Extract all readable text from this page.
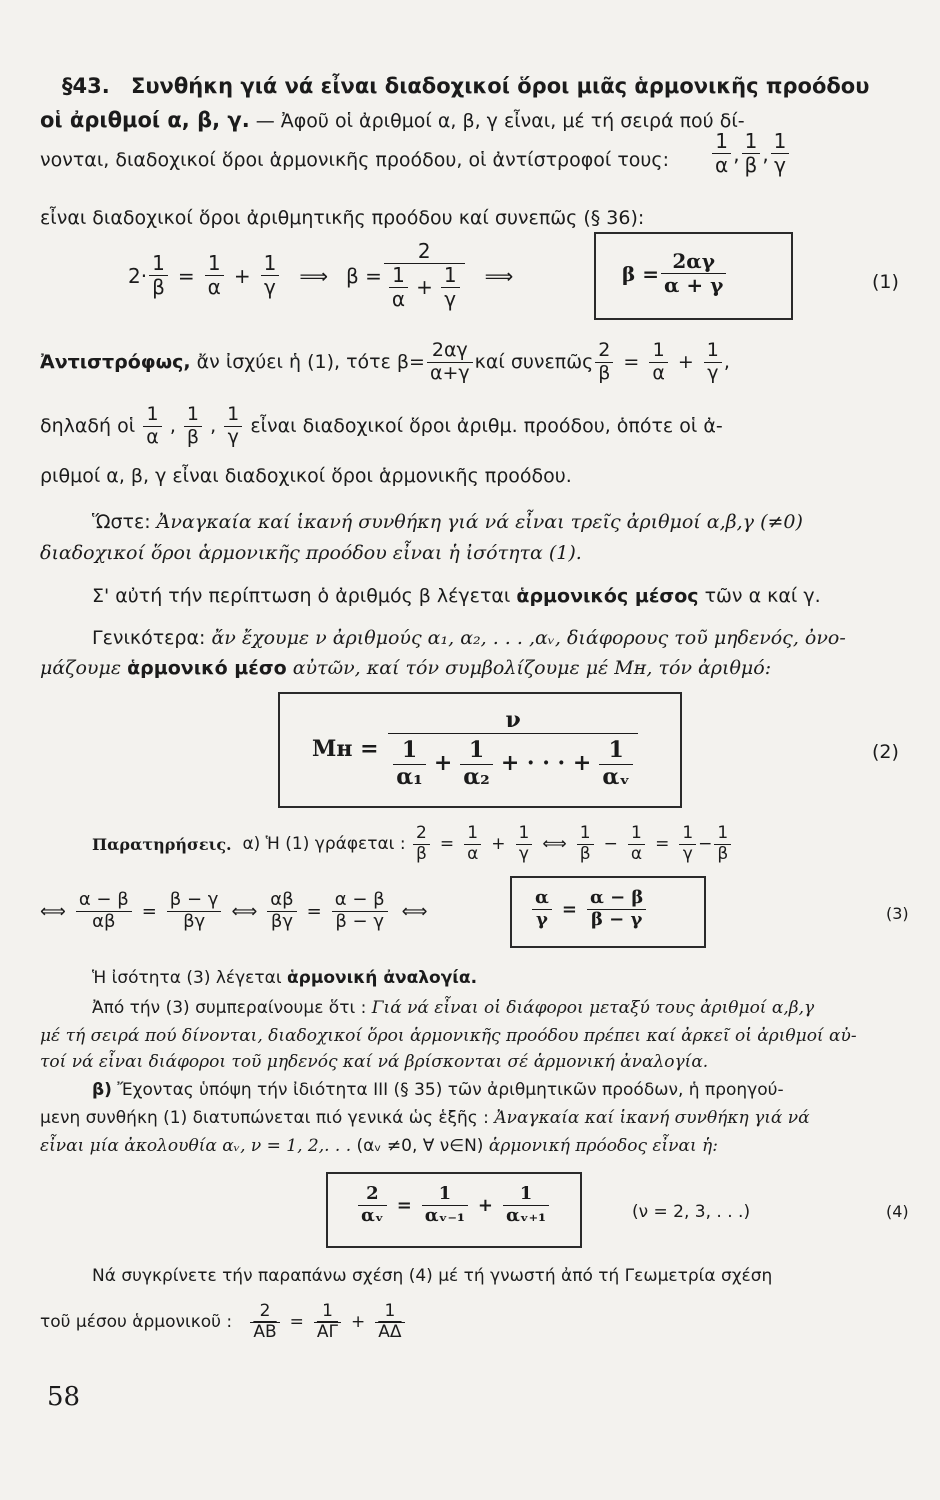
§43. Συνθήκη γιά νά εἶναι διαδοχικοί ὅροι μιᾶς ἁρμονικῆς προόδου
οἱ ἀριθμοί α, β, γ. — Ἀφοῦ οἱ ἀριθμοί α, β, γ εἶναι, μέ τή σειρά πού δί-
νονται, διαδοχικοί ὅροι ἁρμονικῆς προόδου, οἱ ἀντίστροφοί τους: $\frac{1}{\alpha}$ , $\frac{1}{\beta}$ , $\frac{1}{\gamma}$
εἶναι διαδοχικοί ὅροι ἀριθμητικῆς προόδου καί συνεπῶς (§ 36):
$2\cdot \frac{1}{\beta} = \frac{1}{\alpha} + \frac{1}{\gamma}$ ⟹ $\beta = \frac{2}{\frac{1}{\alpha} + \frac{1}{\gamma}}$ ⟹	$\beta = \frac{2\alpha\gamma}{\alpha + \gamma}$	(1)
Ἀντιστρόφως,
ἄν ἰσχύει ἡ (1), τότε $\beta= \frac{2\alpha\gamma}{\alpha+\gamma}$ καί συνεπῶς $\frac{2}{\beta} = \frac{1}{\alpha} + \frac{1}{\gamma}$ ,
δηλαδή οἱ
$\frac{1}{\alpha}$ , $\frac{1}{\beta}$ , $\frac{1}{\gamma}$
εἶναι διαδοχικοί ὅροι ἀριθμ. προόδου, ὁπότε οἱ ἀ-
ριθμοί α, β, γ εἶναι διαδοχικοί ὅροι ἁρμονικῆς προόδου.
Ὥστε: Ἀναγκαία καί ἱκανή συνθήκη γιά νά εἶναι τρεῖς ἀριθμοί α,β,γ (≠0)
διαδοχικοί ὅροι ἁρμονικῆς προόδου εἶναι ἡ ἰσότητα (1).
Σ' αὐτή τήν περίπτωση ὁ ἀριθμός β λέγεται ἁρμονικός μέσος τῶν α καί γ.
Γενικότερα: ἄν ἔχουμε ν ἀριθμούς α₁, α₂, . . . ,αᵥ, διάφορους τοῦ μηδενός, ὀνο-
μάζουμε ἁρμονικό μέσο αὐτῶν, καί τόν συμβολίζουμε μέ Mʜ, τόν ἀριθμό:
Mʜ =
$\frac{\nu}{\frac{1}{\text{α₁}} + \frac{1}{\text{α₂}} + \cdot \cdot \cdot + \frac{1}{\text{αᵥ}}}$	(2)
Παρατηρήσεις.
α) Ἡ (1) γράφεται :
$\frac{2}{\beta} = \frac{1}{\alpha} + \frac{1}{\gamma}$ ⟺ $\frac{1}{\beta} - \frac{1}{\alpha} = \frac{1}{\gamma} - \frac{1}{\beta}$
⟺ $\frac{\alpha - \beta}{\alpha\beta} = \frac{\beta - \gamma}{\beta\gamma}$ ⟺ $\frac{\alpha\beta}{\beta\gamma} = \frac{\alpha - \beta}{\beta - \gamma}$ ⟺	$\frac{\alpha}{\gamma} = \frac{\alpha - \beta}{\beta - \gamma}$	(3)
Ἡ ἰσότητα (3) λέγεται ἁρμονική ἀναλογία.
Ἀπό τήν (3) συμπεραίνουμε ὅτι : Γιά νά εἶναι οἱ διάφοροι μεταξύ τους ἀριθμοί α,β,γ
μέ τή σειρά πού δίνονται, διαδοχικοί ὅροι ἁρμονικῆς προόδου πρέπει καί ἀρκεῖ οἱ ἀριθμοί αὐ-
τοί νά εἶναι διάφοροι τοῦ μηδενός καί νά βρίσκονται σέ ἁρμονική ἀναλογία.
β) Ἔχοντας ὑπόψη τήν ἰδιότητα III (§ 35) τῶν ἀριθμητικῶν προόδων, ἡ προηγού-
μενη συνθήκη (1) διατυπώνεται πιό γενικά ὡς ἑξῆς : Ἀναγκαία καί ἱκανή συνθήκη γιά νά
εἶναι μία ἀκολουθία αᵥ, ν = 1, 2,. . . (αᵥ ≠0, ∀ ν∈N) ἁρμονική πρόοδος εἶναι ἡ:
$\frac{2}{\text{αᵥ}} = \frac{1}{\text{αᵥ₋₁}} + \frac{1}{\text{αᵥ₊₁}}$	(ν = 2, 3, . . .)	(4)
Νά συγκρίνετε τήν παραπάνω σχέση (4) μέ τή γνωστή ἀπό τή Γεωμετρία σχέση
τοῦ μέσου ἁρμονικοῦ :
$\frac{2}{AB} = \frac{1}{A\Gamma} + \frac{1}{A\Delta}$
58
